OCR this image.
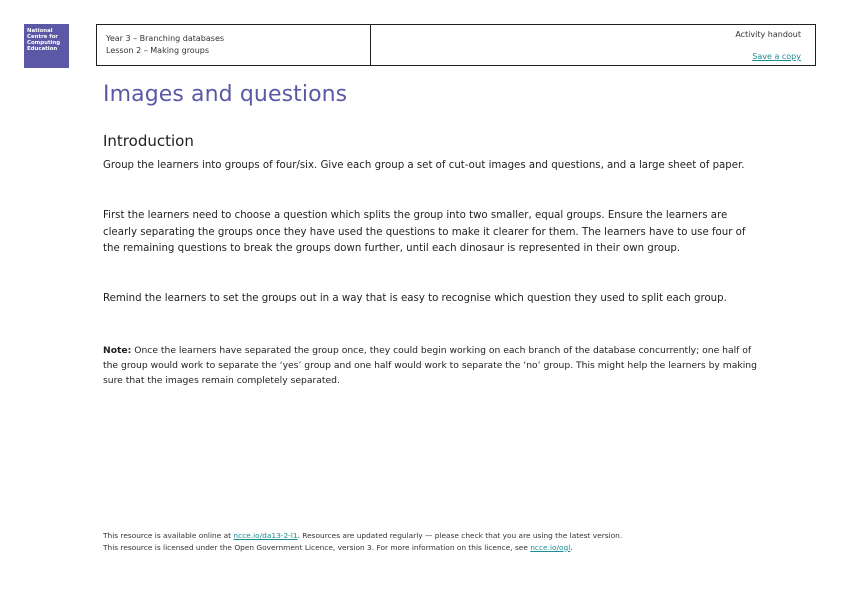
National
Centre for
Computing
Education
Year 3 – Branching databases
Lesson 2 – Making groups
Activity handout
Save a copy
Images and questions
Introduction

Group the learners into groups of four/six. Give each group a set of cut-out images and questions, and a large sheet of paper.

First the learners need to choose a question which splits the group into two smaller, equal groups. Ensure the learners are clearly separating the groups once they have used the questions to make it clearer for them. The learners have to use four of the remaining questions to break the groups down further, until each dinosaur is represented in their own group.

Remind the learners to set the groups out in a way that is easy to recognise which question they used to split each group.

Note: Once the learners have separated the group once, they could begin working on each branch of the database concurrently; one half of the group would work to separate the ‘yes’ group and one half would work to separate the ‘no’ group. This might help the learners by making sure that the images remain completely separated.

This resource is available online at ncce.io/da13-2-l1. Resources are updated regularly — please check that you are using the latest version.
This resource is licensed under the Open Government Licence, version 3. For more information on this licence, see ncce.io/ogl.
